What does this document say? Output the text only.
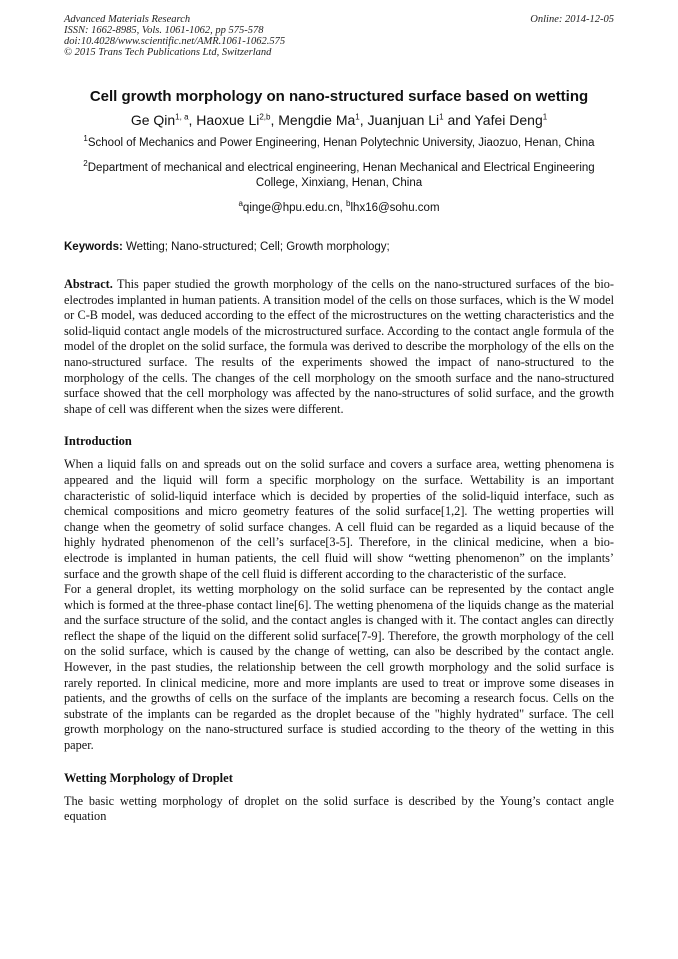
Advanced Materials Research
ISSN: 1662-8985, Vols. 1061-1062, pp 575-578
doi:10.4028/www.scientific.net/AMR.1061-1062.575
© 2015 Trans Tech Publications Ltd, Switzerland
Online: 2014-12-05
Cell growth morphology on nano-structured surface based on wetting
Ge Qin$^{1, a}$, Haoxue Li$^{2,b}$, Mengdie Ma$^1$, Juanjuan Li$^1$ and Yafei Deng$^1$
$^1$School of Mechanics and Power Engineering, Henan Polytechnic University, Jiaozuo, Henan, China
$^2$Department of mechanical and electrical engineering, Henan Mechanical and Electrical Engineering College, Xinxiang, Henan, China
$^a$qinge@hpu.edu.cn, $^b$lhx16@sohu.com
Keywords: Wetting; Nano-structured; Cell; Growth morphology;

Abstract. This paper studied the growth morphology of the cells on the nano-structured surfaces of the bio-electrodes implanted in human patients. A transition model of the cells on those surfaces, which is the W model or C-B model, was deduced according to the effect of the microstructures on the wetting characteristics and the solid-liquid contact angle models of the microstructured surface. According to the contact angle formula of the model of the droplet on the solid surface, the formula was derived to describe the morphology of the ells on the nano-structured surface. The results of the experiments showed the impact of nano-structured to the morphology of the cells. The changes of the cell morphology on the smooth surface and the nano-structured surface showed that the cell morphology was affected by the nano-structures of solid surface, and the growth shape of cell was different when the sizes were different.

Introduction

When a liquid falls on and spreads out on the solid surface and covers a surface area, wetting phenomena is appeared and the liquid will form a specific morphology on the surface. Wettability is an important characteristic of solid-liquid interface which is decided by properties of the solid-liquid interface, such as chemical compositions and micro geometry features of the solid surface[1,2]. The wetting properties will change when the geometry of solid surface changes. A cell fluid can be regarded as a liquid because of the highly hydrated phenomenon of the cell’s surface[3-5]. Therefore, in the clinical medicine, when a bio-electrode is implanted in human patients, the cell fluid will show “wetting phenomenon” on the implants’ surface and the growth shape of the cell fluid is different according to the characteristic of the surface.

For a general droplet, its wetting morphology on the solid surface can be represented by the contact angle which is formed at the three-phase contact line[6]. The wetting phenomena of the liquids change as the material and the surface structure of the solid, and the contact angles is changed with it. The contact angles can directly reflect the shape of the liquid on the different solid surface[7-9]. Therefore, the growth morphology of the cell on the solid surface, which is caused by the change of wetting, can also be described by the contact angle. However, in the past studies, the relationship between the cell growth morphology and the solid surface is rarely reported. In clinical medicine, more and more implants are used to treat or improve some diseases in patients, and the growths of cells on the surface of the implants are becoming a research focus. Cells on the substrate of the implants can be regarded as the droplet because of the "highly hydrated" surface. The cell growth morphology on the nano-structured surface is studied according to the theory of the wetting in this paper.

Wetting Morphology of Droplet

The basic wetting morphology of droplet on the solid surface is described by the Young’s contact angle equation
